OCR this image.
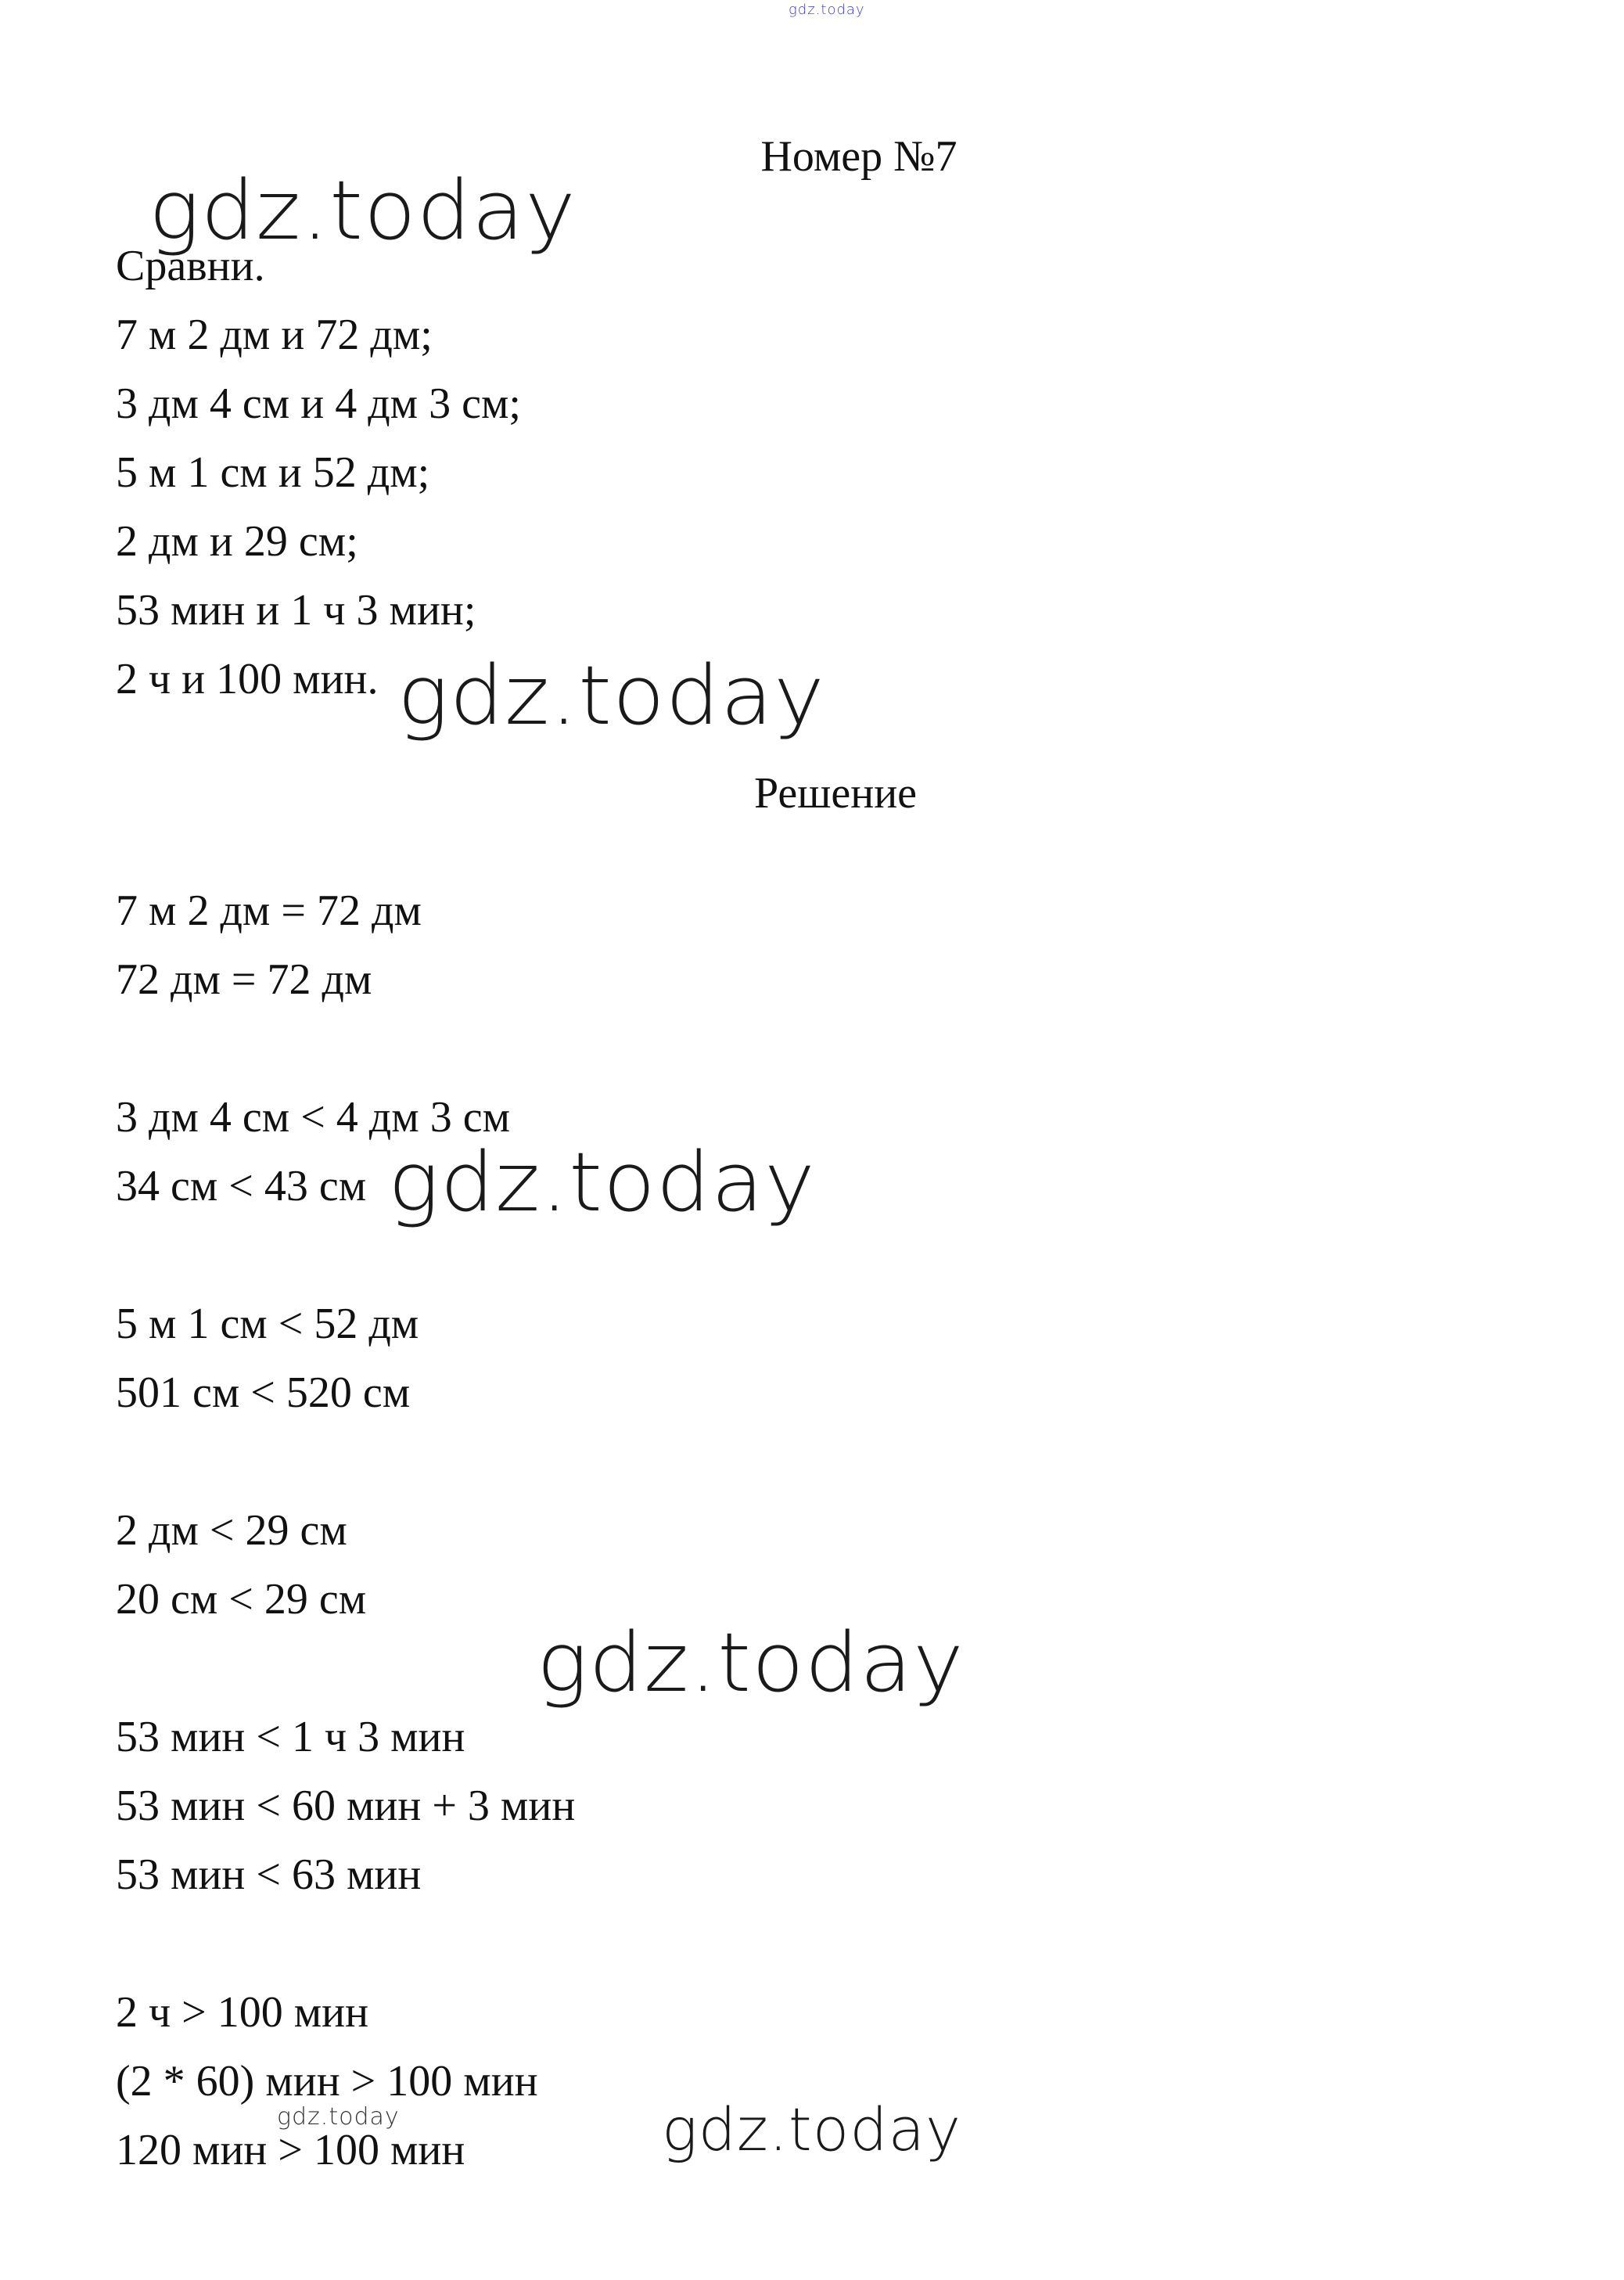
gdz.today
Номер №7
gdz.today
Сравни.
7 м 2 дм и 72 дм;
3 дм 4 см и 4 дм 3 см;
5 м 1 см и 52 дм;
2 дм и 29 см;
53 мин и 1 ч 3 мин;
2 ч и 100 мин. gdz.today
Решение
7 м 2 дм = 72 дм
72 дм = 72 дм
3 дм 4 см < 4 дм 3 см
34 см < 43 см gdz.today
5 м 1 см < 52 дм
501 см < 520 см
2 дм < 29 см
20 см < 29 см
gdz.today
53 мин < 1 ч 3 мин
53 мин < 60 мин + 3 мин
53 мин < 63 мин
2 ч > 100 мин
(2 * 60) мин > 100 мин
120 мин > 100 мин
gdz.today	gdz.today
